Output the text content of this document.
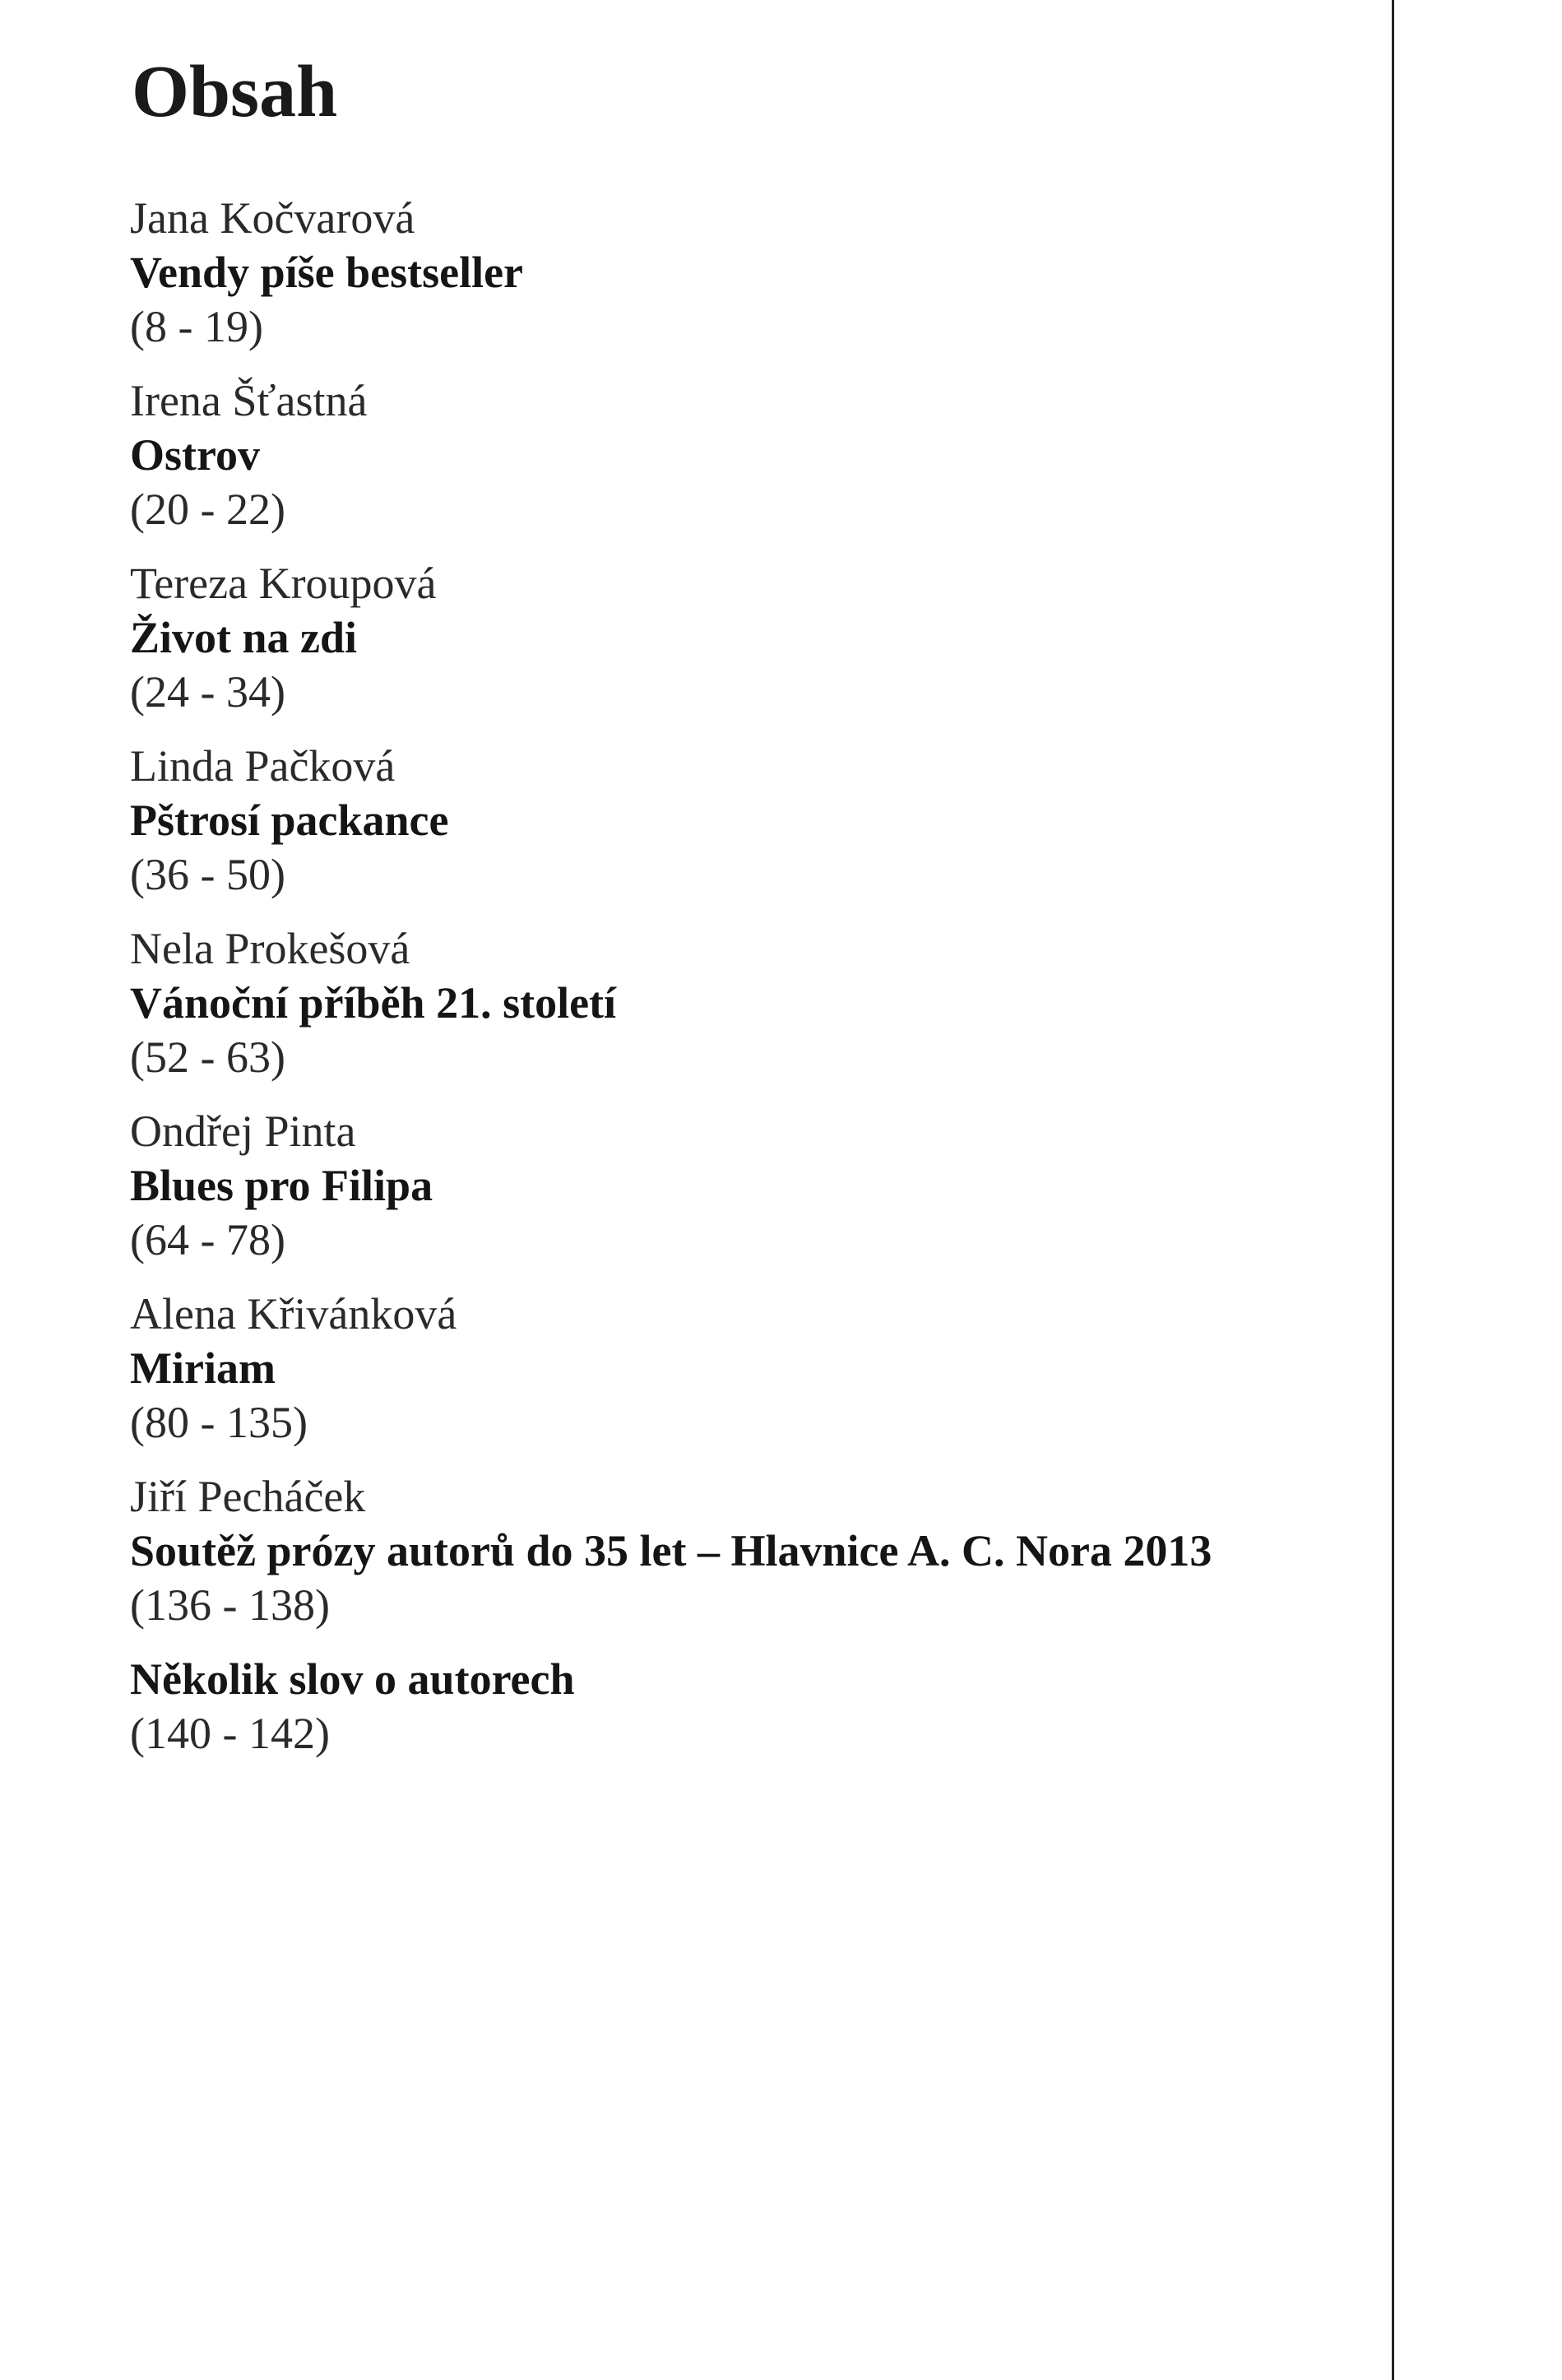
Obsah
Jana Kočvarová
Vendy píše bestseller
(8 - 19)
Irena Šťastná
Ostrov
(20 - 22)
Tereza Kroupová
Život na zdi
(24 - 34)
Linda Pačková
Pštrosí packance
(36 - 50)
Nela Prokešová
Vánoční příběh 21. století
(52 - 63)
Ondřej Pinta
Blues pro Filipa
(64 - 78)
Alena Křivánková
Miriam
(80 - 135)
Jiří Pecháček
Soutěž prózy autorů do 35 let – Hlavnice A. C. Nora 2013
(136 - 138)
Několik slov o autorech
(140 - 142)
